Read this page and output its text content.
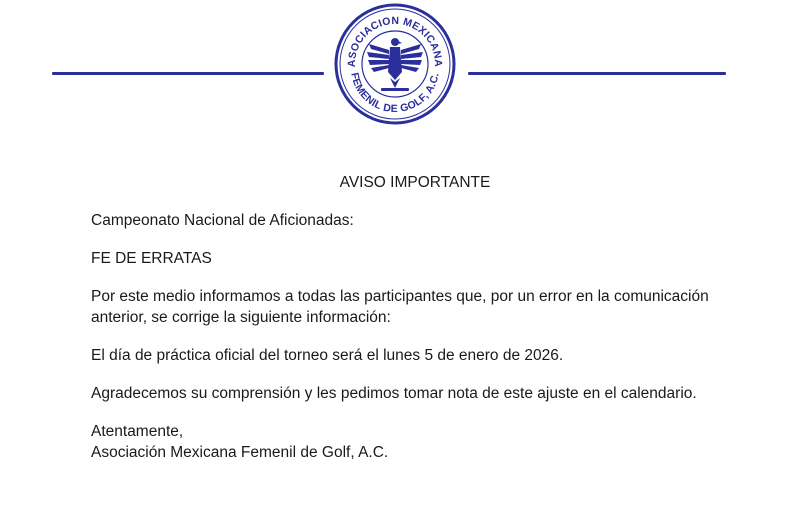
ASOCIACION MEXICANA
FEMENIL DE GOLF, A.C.

AVISO IMPORTANTE

Campeonato Nacional de Aficionadas:

FE DE ERRATAS

Por este medio informamos a todas las participantes que, por un error en la comunicación anterior, se corrige la siguiente información:

El día de práctica oficial del torneo será el lunes 5 de enero de 2026.

Agradecemos su comprensión y les pedimos tomar nota de este ajuste en el calendario.

Atentamente,

Asociación Mexicana Femenil de Golf, A.C.
